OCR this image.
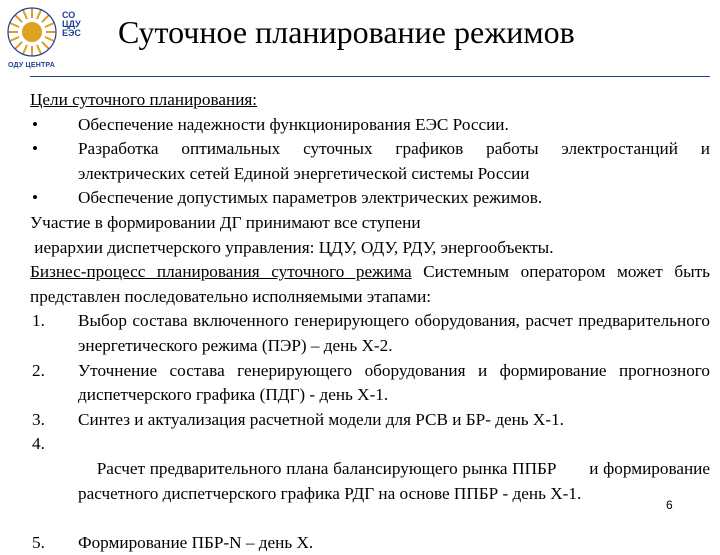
СО
ЦДУ
ЕЭС
ОДУ ЦЕНТРА
Суточное планирование режимов

Цели суточного планирования:

• Обеспечение надежности функционирования ЕЭС России.

• Разработка оптимальных суточных графиков работы электростанций и электрических сетей Единой энергетической системы России

• Обеспечение допустимых параметров электрических режимов.

Участие в формировании ДГ принимают все ступени

иерархии диспетчерского управления: ЦДУ, ОДУ, РДУ, энергообъекты.

Бизнес-процесс планирования суточного режима Системным оператором может быть представлен последовательно исполняемыми этапами:

1. Выбор состава включенного генерирующего оборудования, расчет предварительного энергетического режима (ПЭР) – день Х-2.

2. Уточнение состава генерирующего оборудования и формирование прогнозного диспетчерского графика (ПДГ) - день Х-1.

3. Синтез и актуализация расчетной модели для РСВ и БР- день Х-1.

4.
Расчет предварительного плана балансирующего рынка ППБР       и формирование расчетного диспетчерского графика РДГ на основе ППБР - день Х-1.

5. Формирование ПБР-N – день Х.

6
